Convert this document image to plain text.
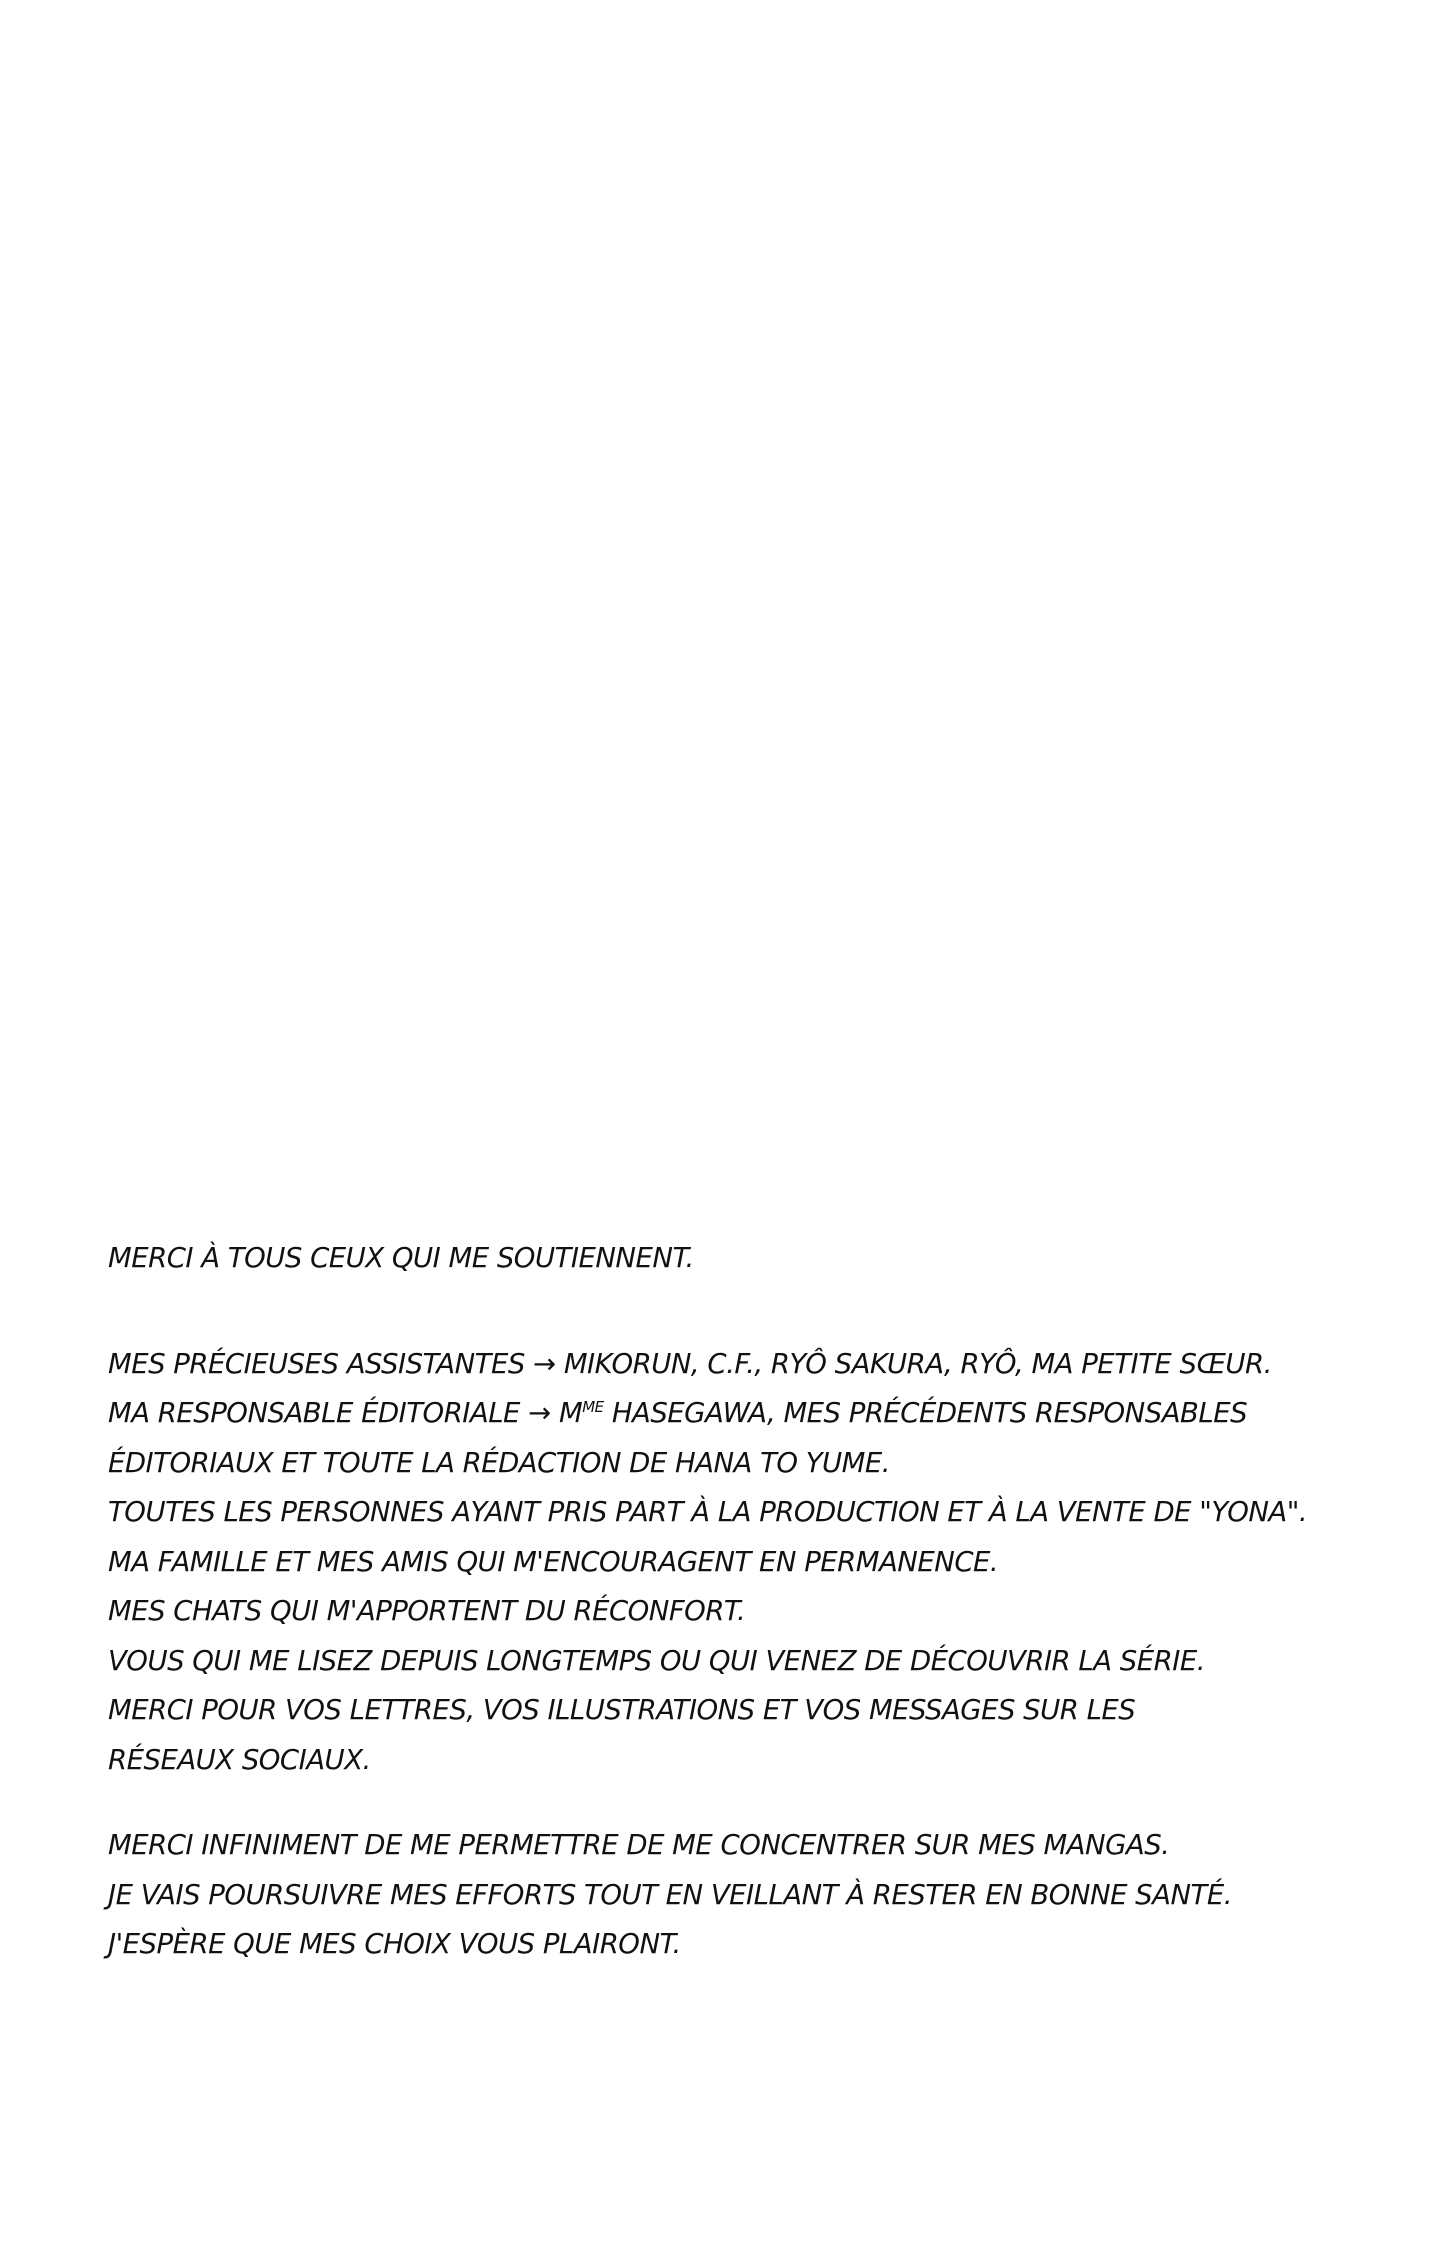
MERCI À TOUS CEUX QUI ME SOUTIENNENT.
MES PRÉCIEUSES ASSISTANTES → MIKORUN, C.F., RYÔ SAKURA, RYÔ, MA PETITE SŒUR.
MA RESPONSABLE ÉDITORIALE → $M^{ME}$ HASEGAWA, MES PRÉCÉDENTS RESPONSABLES
ÉDITORIAUX ET TOUTE LA RÉDACTION DE HANA TO YUME.
TOUTES LES PERSONNES AYANT PRIS PART À LA PRODUCTION ET À LA VENTE DE "YONA".
MA FAMILLE ET MES AMIS QUI M'ENCOURAGENT EN PERMANENCE.
MES CHATS QUI M'APPORTENT DU RÉCONFORT.
VOUS QUI ME LISEZ DEPUIS LONGTEMPS OU QUI VENEZ DE DÉCOUVRIR LA SÉRIE.
MERCI POUR VOS LETTRES, VOS ILLUSTRATIONS ET VOS MESSAGES SUR LES
RÉSEAUX SOCIAUX.
MERCI INFINIMENT DE ME PERMETTRE DE ME CONCENTRER SUR MES MANGAS.
JE VAIS POURSUIVRE MES EFFORTS TOUT EN VEILLANT À RESTER EN BONNE SANTÉ.
J'ESPÈRE QUE MES CHOIX VOUS PLAIRONT.
